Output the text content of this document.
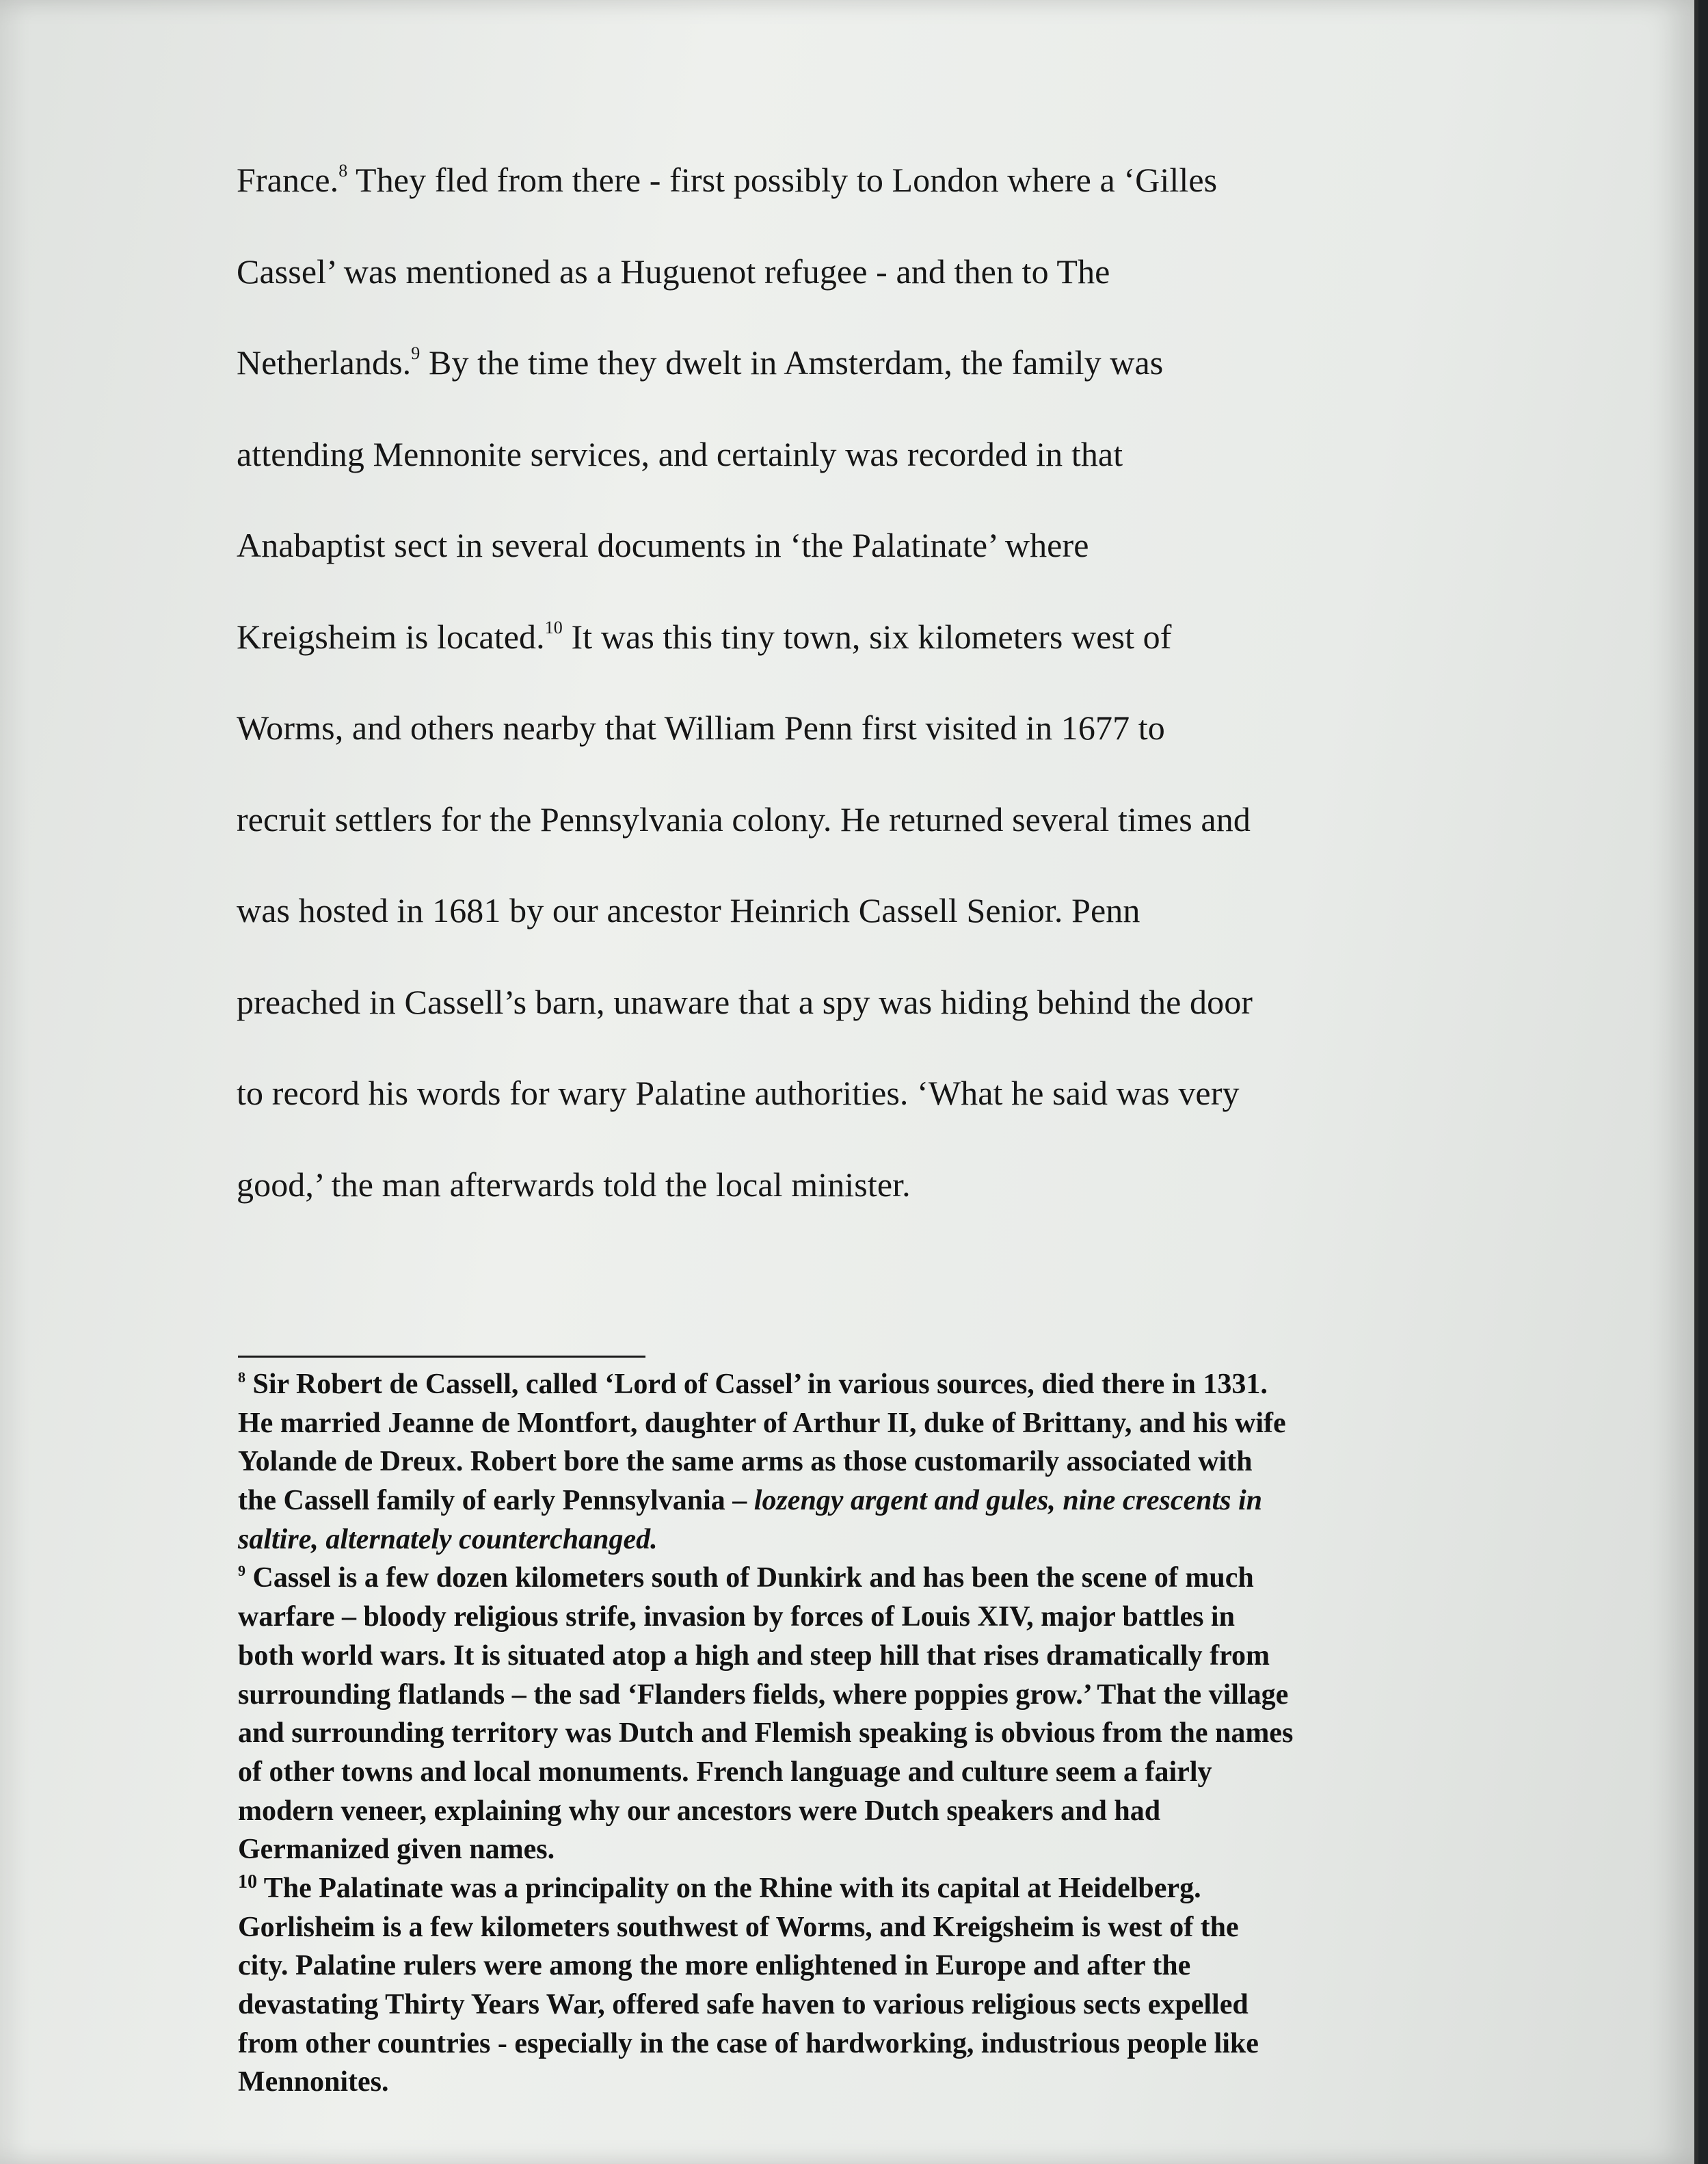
France.$^8$ They fled from there - first possibly to London where a ‘Gilles
Cassel’ was mentioned as a Huguenot refugee - and then to The
Netherlands.$^9$ By the time they dwelt in Amsterdam, the family was
attending Mennonite services, and certainly was recorded in that
Anabaptist sect in several documents in ‘the Palatinate’ where
Kreigsheim is located.$^{10}$ It was this tiny town, six kilometers west of
Worms, and others nearby that William Penn first visited in 1677 to
recruit settlers for the Pennsylvania colony. He returned several times and
was hosted in 1681 by our ancestor Heinrich Cassell Senior. Penn
preached in Cassell’s barn, unaware that a spy was hiding behind the door
to record his words for wary Palatine authorities. ‘What he said was very
good,’ the man afterwards told the local minister.

$^8$ Sir Robert de Cassell, called ‘Lord of Cassel’ in various sources, died there in 1331.
He married Jeanne de Montfort, daughter of Arthur II, duke of Brittany, and his wife
Yolande de Dreux. Robert bore the same arms as those customarily associated with
the Cassell family of early Pennsylvania – lozengy argent and gules, nine crescents in
saltire, alternately counterchanged.
$^9$ Cassel is a few dozen kilometers south of Dunkirk and has been the scene of much
warfare – bloody religious strife, invasion by forces of Louis XIV, major battles in
both world wars. It is situated atop a high and steep hill that rises dramatically from
surrounding flatlands – the sad ‘Flanders fields, where poppies grow.’ That the village
and surrounding territory was Dutch and Flemish speaking is obvious from the names
of other towns and local monuments. French language and culture seem a fairly
modern veneer, explaining why our ancestors were Dutch speakers and had
Germanized given names.
$^{10}$ The Palatinate was a principality on the Rhine with its capital at Heidelberg.
Gorlisheim is a few kilometers southwest of Worms, and Kreigsheim is west of the
city. Palatine rulers were among the more enlightened in Europe and after the
devastating Thirty Years War, offered safe haven to various religious sects expelled
from other countries - especially in the case of hardworking, industrious people like
Mennonites.
